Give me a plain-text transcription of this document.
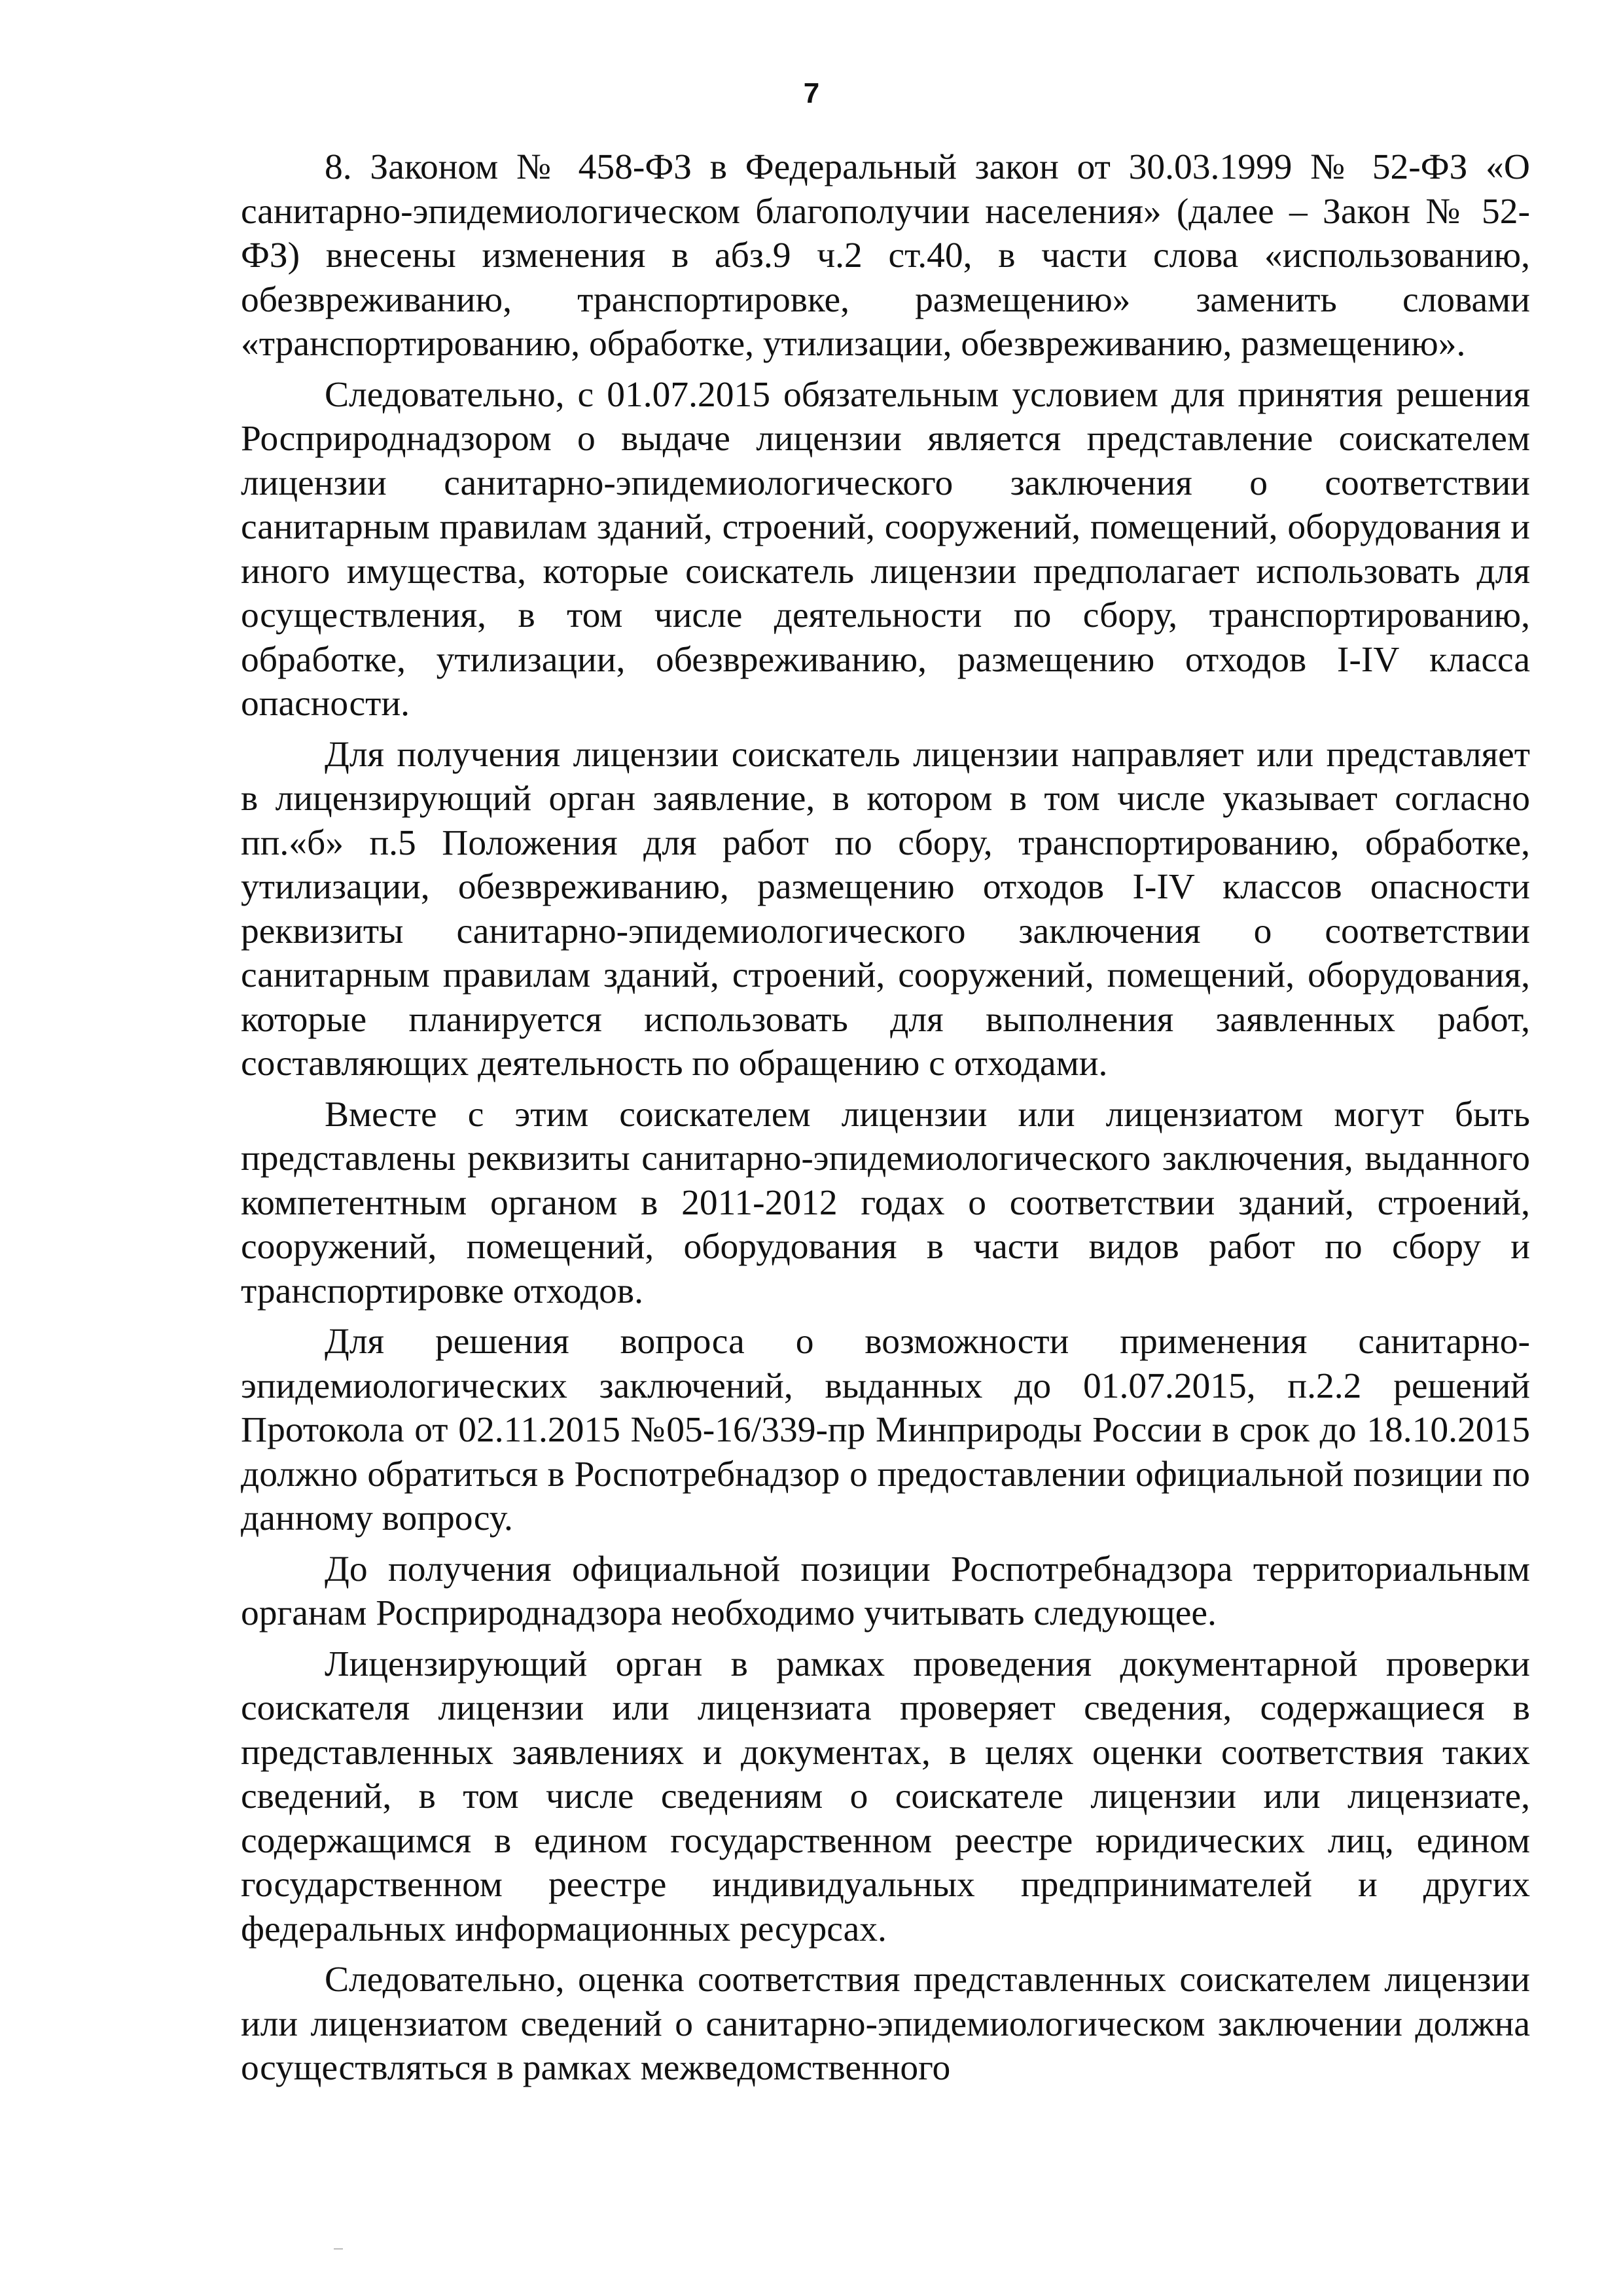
7

8. Законом № 458-ФЗ в Федеральный закон от 30.03.1999 № 52-ФЗ «О санитарно-эпидемиологическом благополучии населения» (далее – Закон № 52-ФЗ) внесены изменения в абз.9 ч.2 ст.40, в части слова «использованию, обезвреживанию, транспортировке, размещению» заменить словами «транспортированию, обработке, утилизации, обезвреживанию, размещению».

Следовательно, с 01.07.2015 обязательным условием для принятия решения Росприроднадзором о выдаче лицензии является представление соискателем лицензии санитарно-эпидемиологического заключения о соответствии санитарным правилам зданий, строений, сооружений, помещений, оборудования и иного имущества, которые соискатель лицензии предполагает использовать для осуществления, в том числе деятельности по сбору, транспортированию, обработке, утилизации, обезвреживанию, размещению отходов I-IV класса опасности.

Для получения лицензии соискатель лицензии направляет или представляет в лицензирующий орган заявление, в котором в том числе указывает согласно пп.«б» п.5 Положения для работ по сбору, транспортированию, обработке, утилизации, обезвреживанию, размещению отходов I-IV классов опасности реквизиты санитарно-эпидемиологического заключения о соответствии санитарным правилам зданий, строений, сооружений, помещений, оборудования, которые планируется использовать для выполнения заявленных работ, составляющих деятельность по обращению с отходами.

Вместе с этим соискателем лицензии или лицензиатом могут быть представлены реквизиты санитарно-эпидемиологического заключения, выданного компетентным органом в 2011-2012 годах о соответствии зданий, строений, сооружений, помещений, оборудования в части видов работ по сбору и транспортировке отходов.

Для решения вопроса о возможности применения санитарно-эпидемиологических заключений, выданных до 01.07.2015, п.2.2 решений Протокола от 02.11.2015 №05-16/339-пр Минприроды России в срок до 18.10.2015 должно обратиться в Роспотребнадзор о предоставлении официальной позиции по данному вопросу.

До получения официальной позиции Роспотребнадзора территориальным органам Росприроднадзора необходимо учитывать следующее.

Лицензирующий орган в рамках проведения документарной проверки соискателя лицензии или лицензиата проверяет сведения, содержащиеся в представленных заявлениях и документах, в целях оценки соответствия таких сведений, в том числе сведениям о соискателе лицензии или лицензиате, содержащимся в едином государственном реестре юридических лиц, едином государственном реестре индивидуальных предпринимателей и других федеральных информационных ресурсах.

Следовательно, оценка соответствия представленных соискателем лицензии или лицензиатом сведений о санитарно-эпидемиологическом заключении должна осуществляться в рамках межведомственного
